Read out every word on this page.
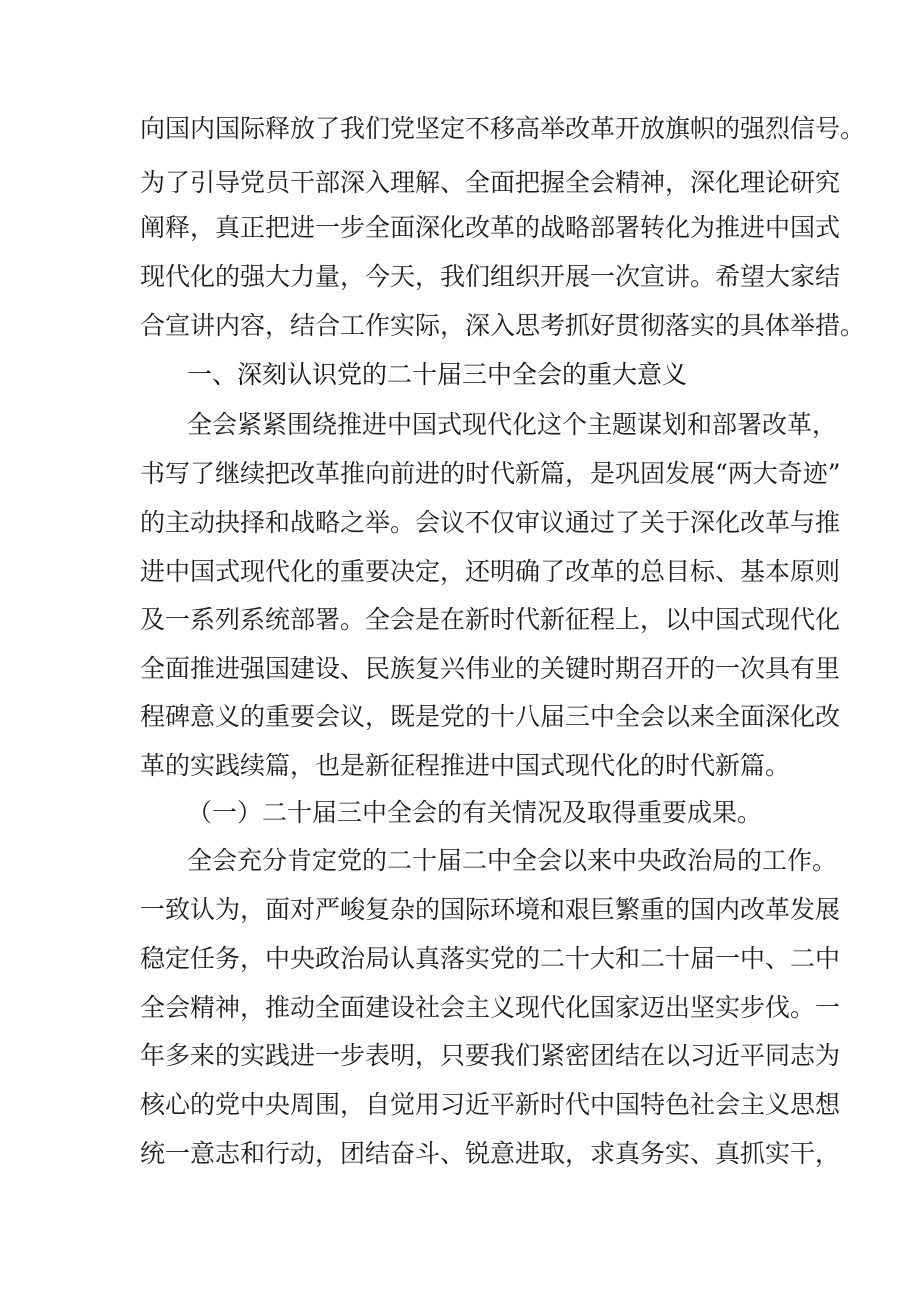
向国内国际释放了我们党坚定不移高举改革开放旗帜的强烈信号。
为了引导党员干部深入理解、全面把握全会精神，深化理论研究
阐释，真正把进一步全面深化改革的战略部署转化为推进中国式
现代化的强大力量，今天，我们组织开展一次宣讲。希望大家结
合宣讲内容，结合工作实际，深入思考抓好贯彻落实的具体举措。
一、深刻认识党的二十届三中全会的重大意义
全会紧紧围绕推进中国式现代化这个主题谋划和部署改革，
书写了继续把改革推向前进的时代新篇，是巩固发展“两大奇迹”
的主动抉择和战略之举。会议不仅审议通过了关于深化改革与推
进中国式现代化的重要决定，还明确了改革的总目标、基本原则
及一系列系统部署。全会是在新时代新征程上，以中国式现代化
全面推进强国建设、民族复兴伟业的关键时期召开的一次具有里
程碑意义的重要会议，既是党的十八届三中全会以来全面深化改
革的实践续篇，也是新征程推进中国式现代化的时代新篇。
（一）二十届三中全会的有关情况及取得重要成果。
全会充分肯定党的二十届二中全会以来中央政治局的工作。
一致认为，面对严峻复杂的国际环境和艰巨繁重的国内改革发展
稳定任务，中央政治局认真落实党的二十大和二十届一中、二中
全会精神，推动全面建设社会主义现代化国家迈出坚实步伐。一
年多来的实践进一步表明，只要我们紧密团结在以习近平同志为
核心的党中央周围，自觉用习近平新时代中国特色社会主义思想
统一意志和行动，团结奋斗、锐意进取，求真务实、真抓实干，
